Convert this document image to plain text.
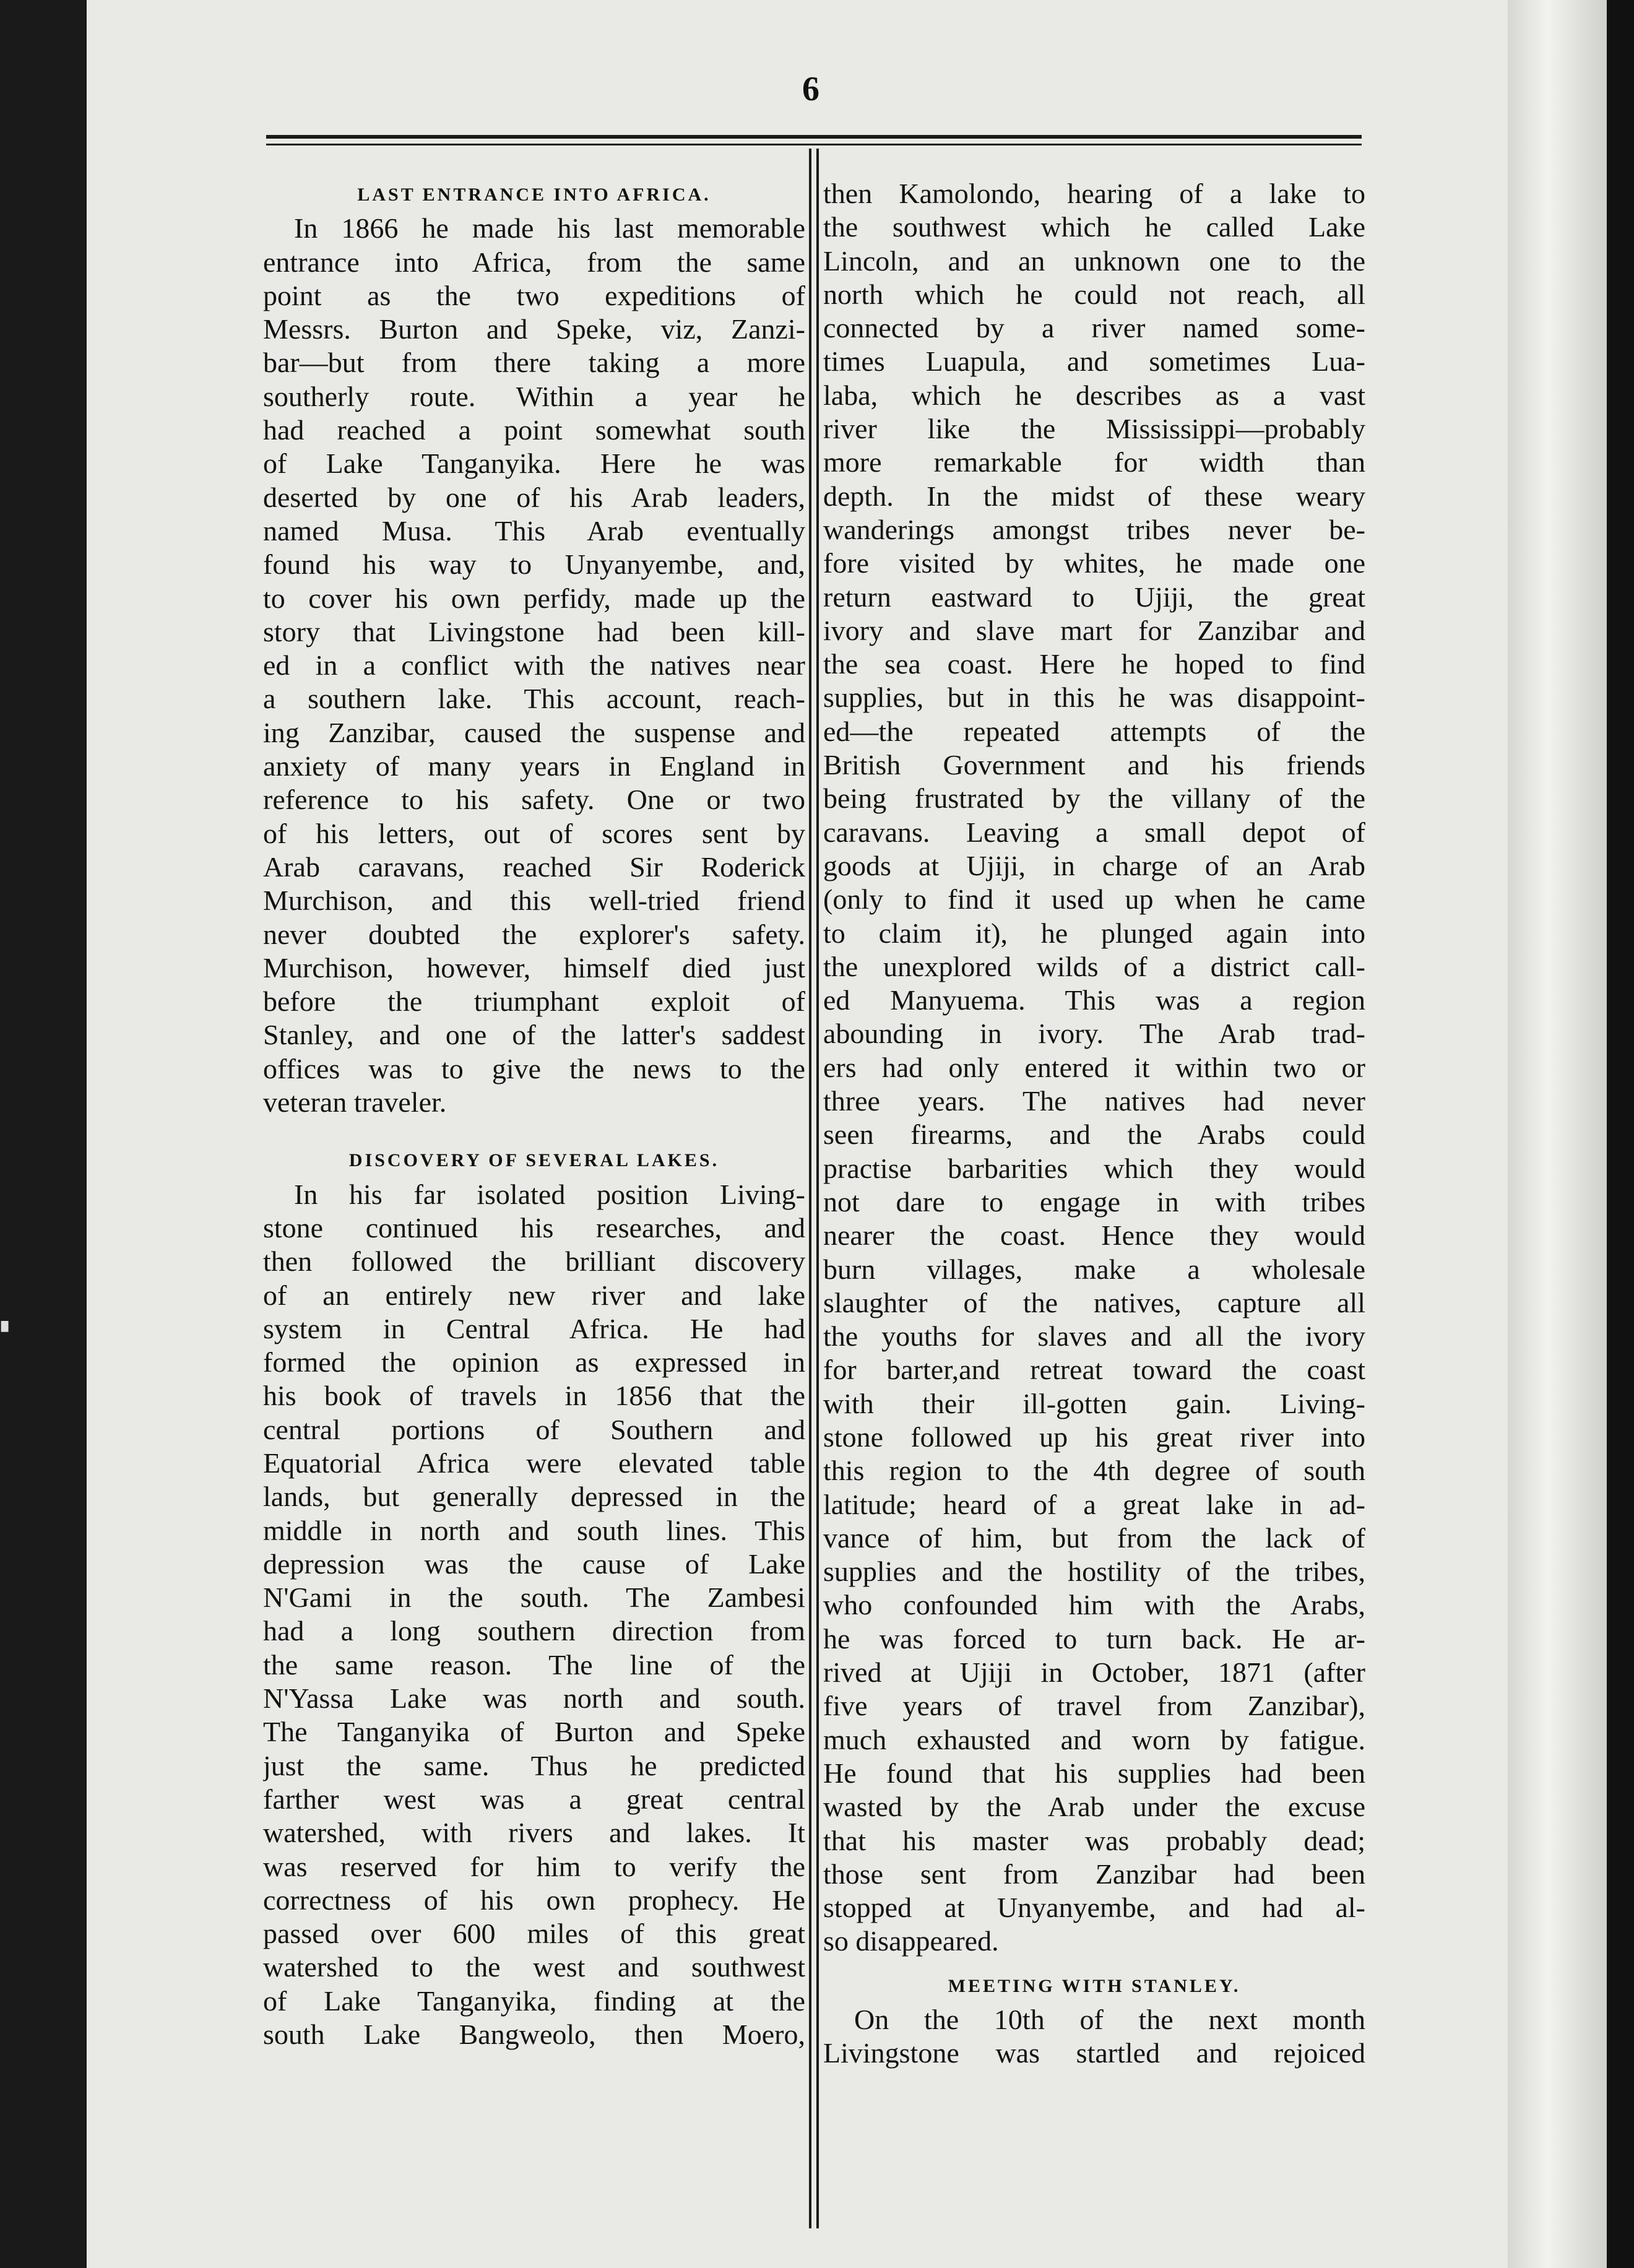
▘
6
LAST ENTRANCE INTO AFRICA.
In 1866 he made his last memorable
entrance into Africa, from the same
point as the two expeditions of
Messrs. Burton and Speke, viz, Zanzi-
bar—but from there taking a more
southerly route. Within a year he
had reached a point somewhat south
of Lake Tanganyika. Here he was
deserted by one of his Arab leaders,
named Musa. This Arab eventually
found his way to Unyanyembe, and,
to cover his own perfidy, made up the
story that Livingstone had been kill-
ed in a conflict with the natives near
a southern lake. This account, reach-
ing Zanzibar, caused the suspense and
anxiety of many years in England in
reference to his safety. One or two
of his letters, out of scores sent by
Arab caravans, reached Sir Roderick
Murchison, and this well-tried friend
never doubted the explorer's safety.
Murchison, however, himself died just
before the triumphant exploit of
Stanley, and one of the latter's saddest
offices was to give the news to the
veteran traveler.
DISCOVERY OF SEVERAL LAKES.
In his far isolated position Living-
stone continued his researches, and
then followed the brilliant discovery
of an entirely new river and lake
system in Central Africa. He had
formed the opinion as expressed in
his book of travels in 1856 that the
central portions of Southern and
Equatorial Africa were elevated table
lands, but generally depressed in the
middle in north and south lines. This
depression was the cause of Lake
N'Gami in the south. The Zambesi
had a long southern direction from
the same reason. The line of the
N'Yassa Lake was north and south.
The Tanganyika of Burton and Speke
just the same. Thus he predicted
farther west was a great central
watershed, with rivers and lakes. It
was reserved for him to verify the
correctness of his own prophecy. He
passed over 600 miles of this great
watershed to the west and southwest
of Lake Tanganyika, finding at the
south Lake Bangweolo, then Moero,
then Kamolondo, hearing of a lake to
the southwest which he called Lake
Lincoln, and an unknown one to the
north which he could not reach, all
connected by a river named some-
times Luapula, and sometimes Lua-
laba, which he describes as a vast
river like the Mississippi—probably
more remarkable for width than
depth. In the midst of these weary
wanderings amongst tribes never be-
fore visited by whites, he made one
return eastward to Ujiji, the great
ivory and slave mart for Zanzibar and
the sea coast. Here he hoped to find
supplies, but in this he was disappoint-
ed—the repeated attempts of the
British Government and his friends
being frustrated by the villany of the
caravans. Leaving a small depot of
goods at Ujiji, in charge of an Arab
(only to find it used up when he came
to claim it), he plunged again into
the unexplored wilds of a district call-
ed Manyuema. This was a region
abounding in ivory. The Arab trad-
ers had only entered it within two or
three years. The natives had never
seen firearms, and the Arabs could
practise barbarities which they would
not dare to engage in with tribes
nearer the coast. Hence they would
burn villages, make a wholesale
slaughter of the natives, capture all
the youths for slaves and all the ivory
for barter,and retreat toward the coast
with their ill-gotten gain. Living-
stone followed up his great river into
this region to the 4th degree of south
latitude; heard of a great lake in ad-
vance of him, but from the lack of
supplies and the hostility of the tribes,
who confounded him with the Arabs,
he was forced to turn back. He ar-
rived at Ujiji in October, 1871 (after
five years of travel from Zanzibar),
much exhausted and worn by fatigue.
He found that his supplies had been
wasted by the Arab under the excuse
that his master was probably dead;
those sent from Zanzibar had been
stopped at Unyanyembe, and had al-
so disappeared.
MEETING WITH STANLEY.
On the 10th of the next month
Livingstone was startled and rejoiced
